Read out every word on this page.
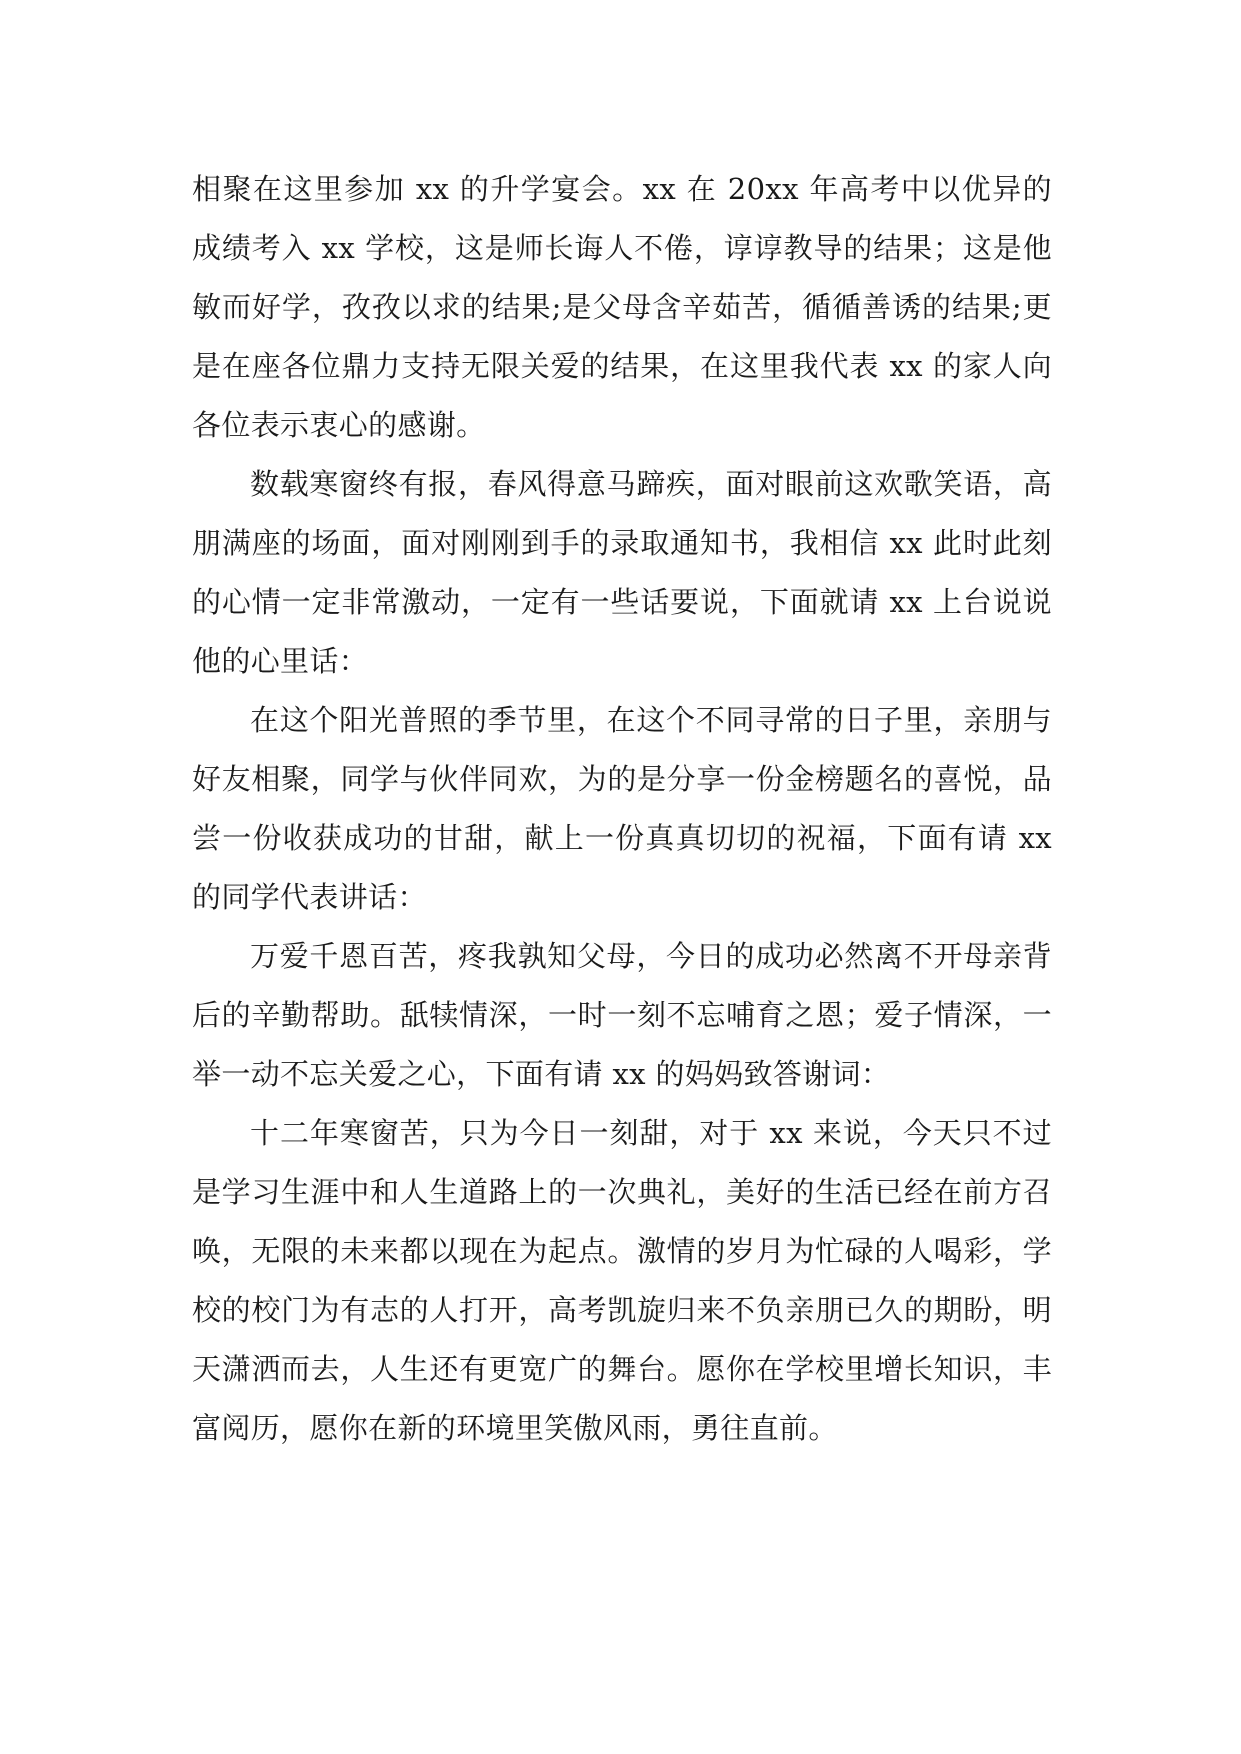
相聚在这里参加 xx 的升学宴会。xx 在 20xx 年高考中以优异的成绩考入 xx 学校，这是师长诲人不倦，谆谆教导的结果；这是他敏而好学，孜孜以求的结果;是父母含辛茹苦，循循善诱的结果;更是在座各位鼎力支持无限关爱的结果，在这里我代表 xx 的家人向各位表示衷心的感谢。

数载寒窗终有报，春风得意马蹄疾，面对眼前这欢歌笑语，高朋满座的场面，面对刚刚到手的录取通知书，我相信 xx 此时此刻的心情一定非常激动，一定有一些话要说，下面就请 xx 上台说说他的心里话：

在这个阳光普照的季节里，在这个不同寻常的日子里，亲朋与好友相聚，同学与伙伴同欢，为的是分享一份金榜题名的喜悦，品尝一份收获成功的甘甜，献上一份真真切切的祝福，下面有请 xx 的同学代表讲话：

万爱千恩百苦，疼我孰知父母，今日的成功必然离不开母亲背后的辛勤帮助。舐犊情深，一时一刻不忘哺育之恩；爱子情深，一举一动不忘关爱之心，下面有请 xx 的妈妈致答谢词：

十二年寒窗苦，只为今日一刻甜，对于 xx 来说，今天只不过是学习生涯中和人生道路上的一次典礼，美好的生活已经在前方召唤，无限的未来都以现在为起点。激情的岁月为忙碌的人喝彩，学校的校门为有志的人打开，高考凯旋归来不负亲朋已久的期盼，明天潇洒而去，人生还有更宽广的舞台。愿你在学校里增长知识，丰富阅历，愿你在新的环境里笑傲风雨，勇往直前。
